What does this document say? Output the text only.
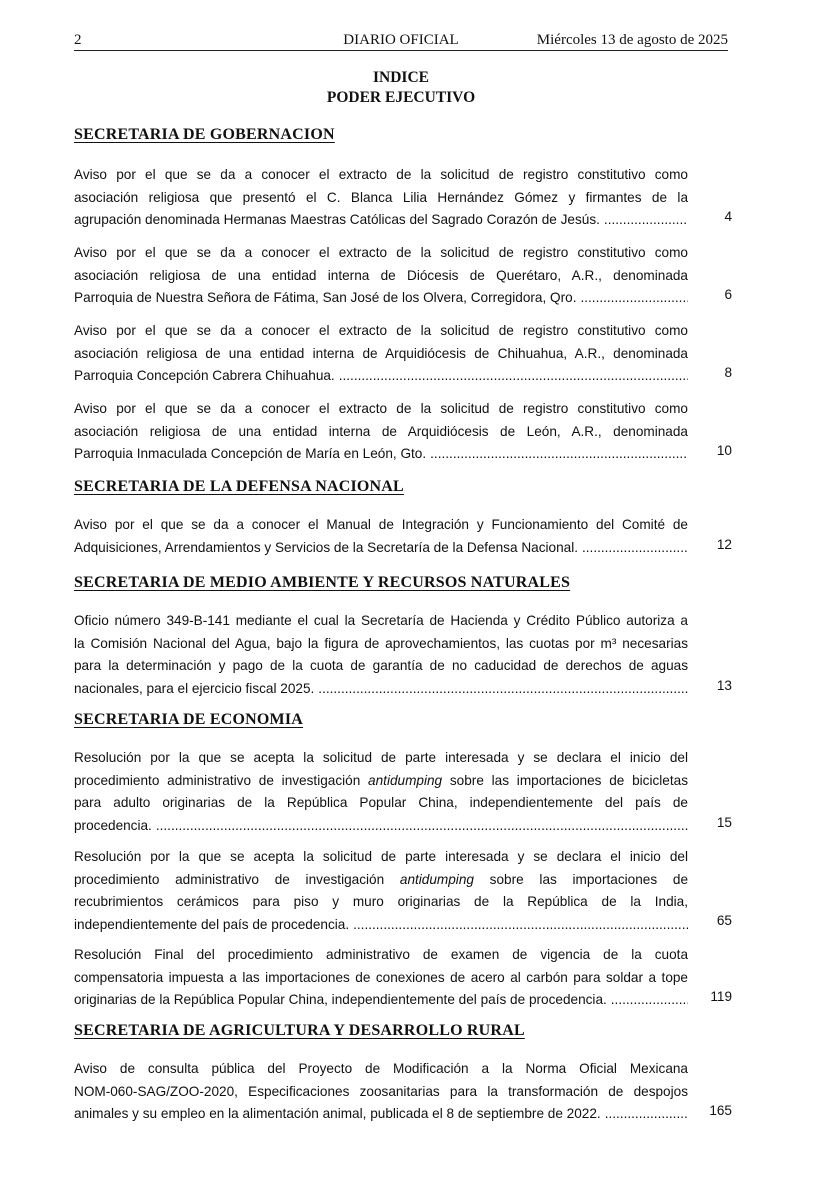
2	DIARIO OFICIAL	Miércoles 13 de agosto de 2025
INDICE
PODER EJECUTIVO
SECRETARIA DE GOBERNACION
Aviso por el que se da a conocer el extracto de la solicitud de registro constitutivo como
asociación religiosa que presentó el C. Blanca Lilia Hernández Gómez y firmantes de la
agrupación denominada Hermanas Maestras Católicas del Sagrado Corazón de Jesús. .....	4
Aviso por el que se da a conocer el extracto de la solicitud de registro constitutivo como
asociación religiosa de una entidad interna de Diócesis de Querétaro, A.R., denominada
Parroquia de Nuestra Señora de Fátima, San José de los Olvera, Corregidora, Qro. .....	6
Aviso por el que se da a conocer el extracto de la solicitud de registro constitutivo como
asociación religiosa de una entidad interna de Arquidiócesis de Chihuahua, A.R., denominada
Parroquia Concepción Cabrera Chihuahua. .....	8
Aviso por el que se da a conocer el extracto de la solicitud de registro constitutivo como
asociación religiosa de una entidad interna de Arquidiócesis de León, A.R., denominada
Parroquia Inmaculada Concepción de María en León, Gto. .....	10
SECRETARIA DE LA DEFENSA NACIONAL
Aviso por el que se da a conocer el Manual de Integración y Funcionamiento del Comité de
Adquisiciones, Arrendamientos y Servicios de la Secretaría de la Defensa Nacional. .....	12
SECRETARIA DE MEDIO AMBIENTE Y RECURSOS NATURALES
Oficio número 349-B-141 mediante el cual la Secretaría de Hacienda y Crédito Público autoriza a
la Comisión Nacional del Agua, bajo la figura de aprovechamientos, las cuotas por m³ necesarias
para la determinación y pago de la cuota de garantía de no caducidad de derechos de aguas
nacionales, para el ejercicio fiscal 2025. .....	13
SECRETARIA DE ECONOMIA
Resolución por la que se acepta la solicitud de parte interesada y se declara el inicio del
procedimiento administrativo de investigación antidumping sobre las importaciones de bicicletas
para adulto originarias de la República Popular China, independientemente del país de
procedencia. .....	15
Resolución por la que se acepta la solicitud de parte interesada y se declara el inicio del
procedimiento administrativo de investigación antidumping sobre las importaciones de
recubrimientos cerámicos para piso y muro originarias de la República de la India,
independientemente del país de procedencia. .....	65
Resolución Final del procedimiento administrativo de examen de vigencia de la cuota
compensatoria impuesta a las importaciones de conexiones de acero al carbón para soldar a tope
originarias de la República Popular China, independientemente del país de procedencia. .....	119
SECRETARIA DE AGRICULTURA Y DESARROLLO RURAL
Aviso de consulta pública del Proyecto de Modificación a la Norma Oficial Mexicana
NOM-060-SAG/ZOO-2020, Especificaciones zoosanitarias para la transformación de despojos
animales y su empleo en la alimentación animal, publicada el 8 de septiembre de 2022. .....	165
